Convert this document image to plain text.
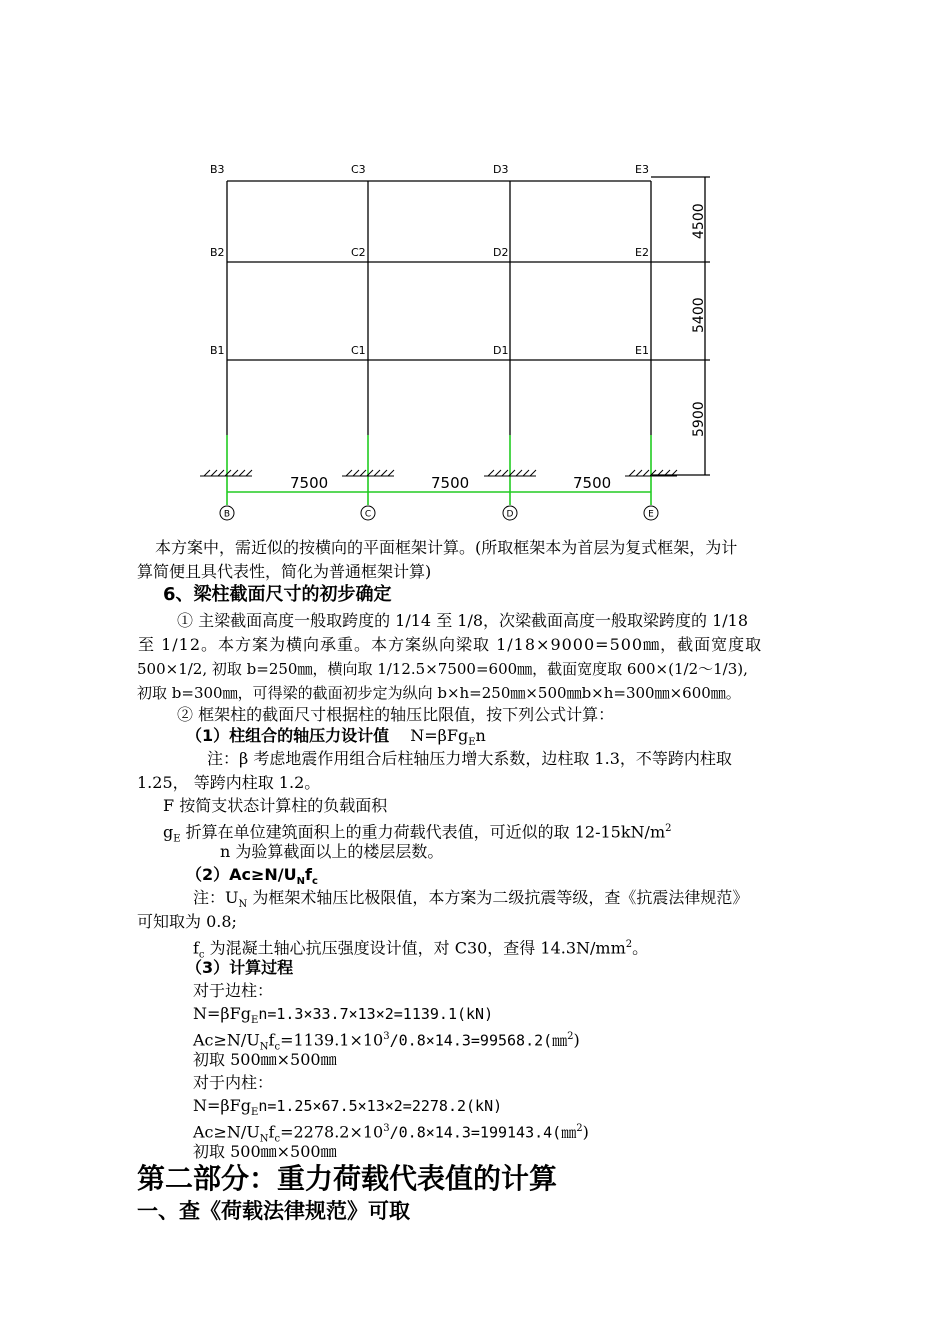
B3	C3	D3	E3
B2	C2	D2	E2
B1	C1	D1	E1
7500	7500	7500
4500
5400
5900
B	C	D	E
本方案中，需近似的按横向的平面框架计算。(所取框架本为首层为复式框架，为计
算简便且具代表性，简化为普通框架计算)
6、梁柱截面尺寸的初步确定
① 主梁截面高度一般取跨度的 1/14 至 1/8，次梁截面高度一般取梁跨度的 1/18
至 1/12。本方案为横向承重。本方案纵向梁取 1/18×9000=500㎜，截面宽度取
500×1/2, 初取 b=250㎜，横向取 1/12.5×7500=600㎜，截面宽度取 600×(1/2～1/3),
初取 b=300㎜，可得梁的截面初步定为纵向 b×h=250㎜×500㎜b×h=300㎜×600㎜。
② 框架柱的截面尺寸根据柱的轴压比限值，按下列公式计算：
（1）柱组合的轴压力设计值 N=βFg$_E$n
注：β 考虑地震作用组合后柱轴压力增大系数，边柱取 1.3，不等跨内柱取
1.25， 等跨内柱取 1.2。
F 按简支状态计算柱的负载面积
$g_E$ 折算在单位建筑面积上的重力荷载代表值，可近似的取 $12-15kN/m^2$
n 为验算截面以上的楼层层数。
$(2)Ac\ge N/U_Nf_c$
注：$U_N$ 为框架术轴压比极限值，本方案为二级抗震等级，查《抗震法律规范》
可知取为 0.8;
$f_c$ 为混凝土轴心抗压强度设计值，对 C30，查得 $14.3N/mm^2$。
（3）计算过程
对于边柱：
N=βFg$_E$n=1.3×33.7×13×2=1139.1(kN)
$Ac\ge N/U_Nf_c=1139.1\times 10^3/0.8\times 14.3=99568.2(㎜^2)$
初取 500㎜×500㎜
对于内柱：
N=βFg$_E$n=1.25×67.5×13×2=2278.2(kN)
$Ac\ge N/U_Nf_c=2278.2\times 10^3/0.8\times 14.3=199143.4(㎜^2)$
初取 500㎜×500㎜
第二部分：重力荷载代表值的计算
一、查《荷载法律规范》可取
